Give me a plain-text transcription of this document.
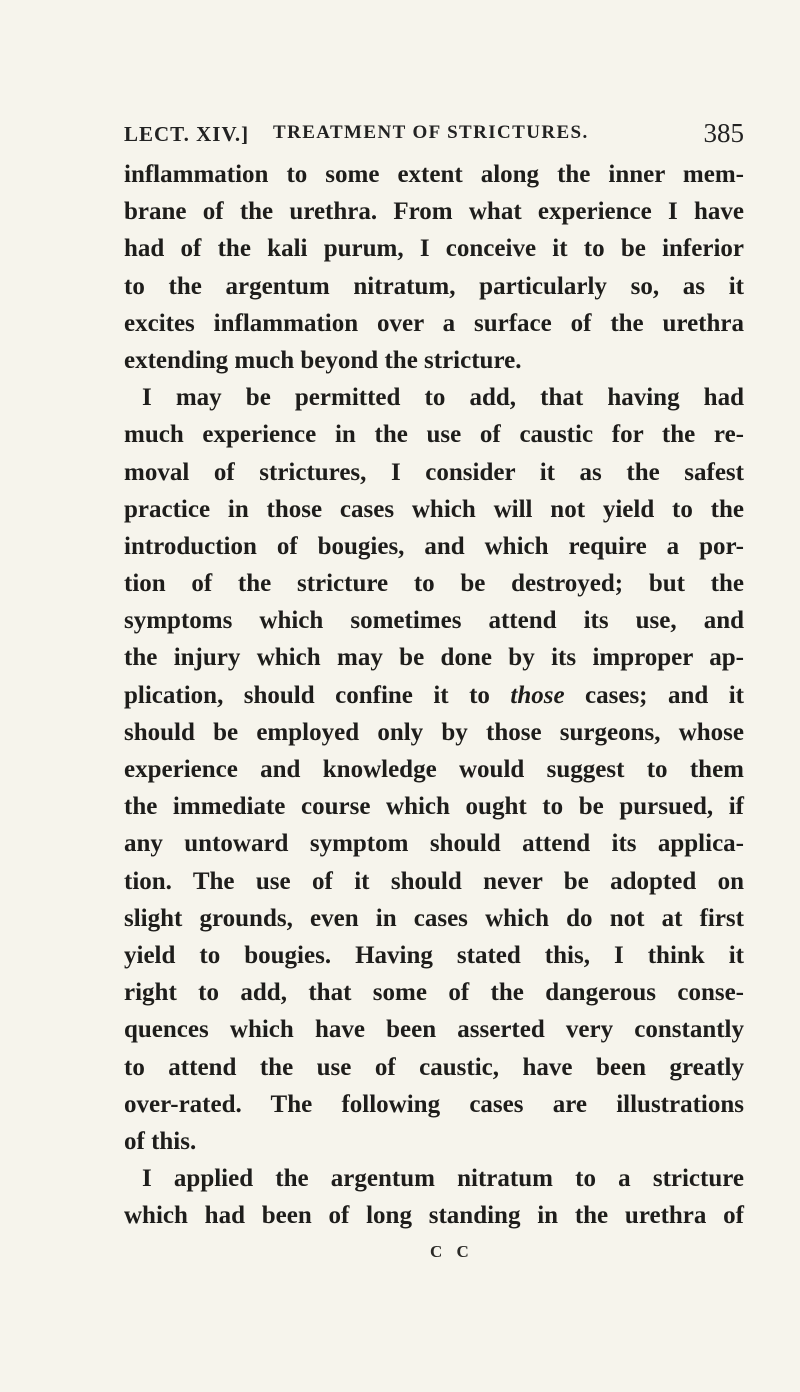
LECT. XIV.] TREATMENT OF STRICTURES.	385
inflammation to some extent along the inner mem-
brane of the urethra. From what experience I have
had of the kali purum, I conceive it to be inferior
to the argentum nitratum, particularly so, as it
excites inflammation over a surface of the urethra
extending much beyond the stricture.
I may be permitted to add, that having had
much experience in the use of caustic for the re-
moval of strictures, I consider it as the safest
practice in those cases which will not yield to the
introduction of bougies, and which require a por-
tion of the stricture to be destroyed; but the
symptoms which sometimes attend its use, and
the injury which may be done by its improper ap-
plication, should confine it to those cases; and it
should be employed only by those surgeons, whose
experience and knowledge would suggest to them
the immediate course which ought to be pursued, if
any untoward symptom should attend its applica-
tion. The use of it should never be adopted on
slight grounds, even in cases which do not at first
yield to bougies. Having stated this, I think it
right to add, that some of the dangerous conse-
quences which have been asserted very constantly
to attend the use of caustic, have been greatly
over-rated. The following cases are illustrations
of this.
I applied the argentum nitratum to a stricture
which had been of long standing in the urethra of
C C
